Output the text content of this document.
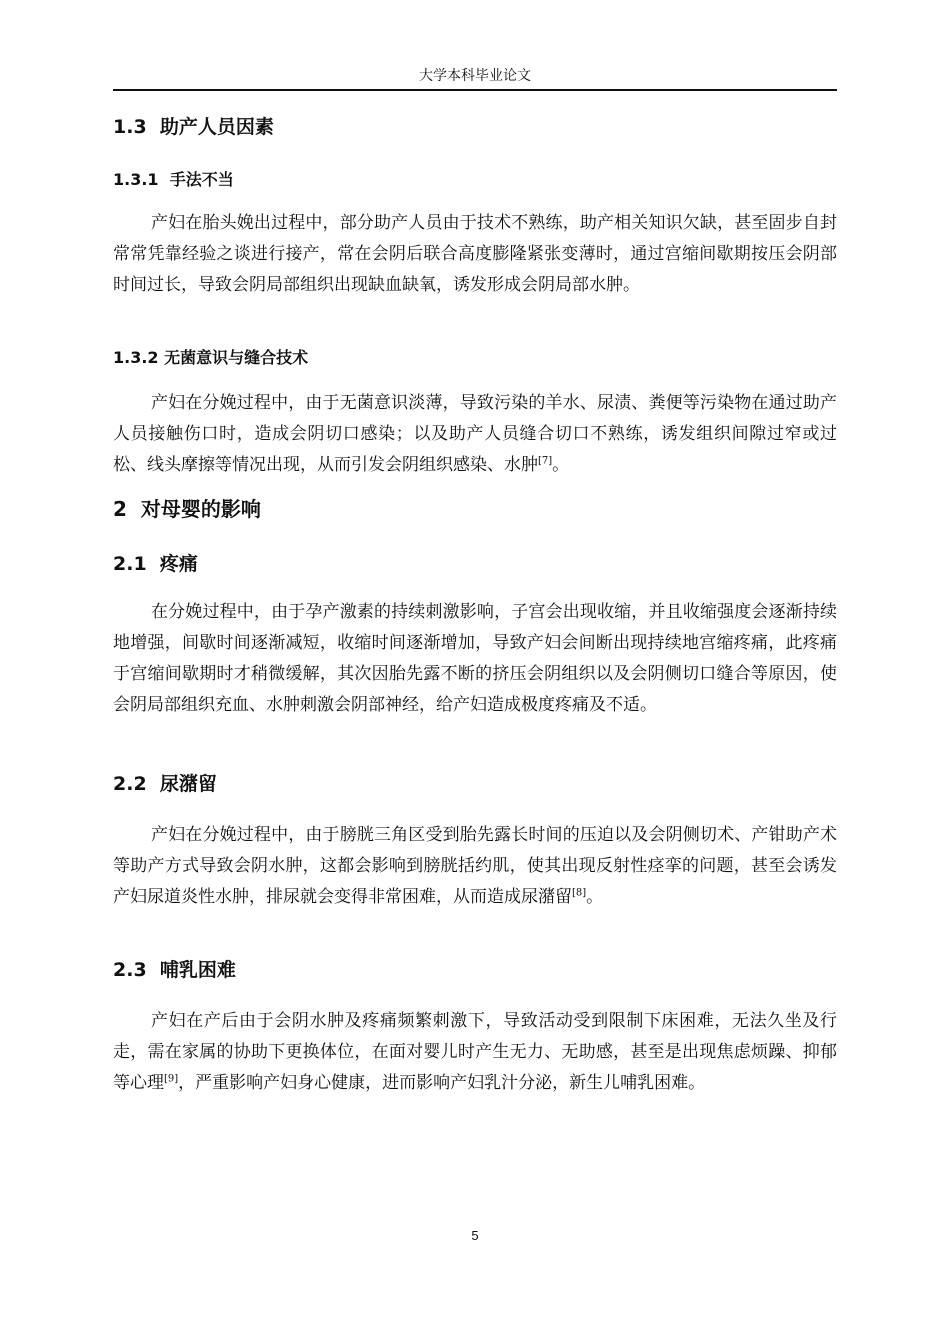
大学本科毕业论文
1.3 助产人员因素
1.3.1 手法不当

产妇在胎头娩出过程中，部分助产人员由于技术不熟练，助产相关知识欠缺，甚至固步自封常常凭靠经验之谈进行接产，常在会阴后联合高度膨隆紧张变薄时，通过宫缩间歇期按压会阴部时间过长，导致会阴局部组织出现缺血缺氧，诱发形成会阴局部水肿。

1.3.2 无菌意识与缝合技术

产妇在分娩过程中，由于无菌意识淡薄，导致污染的羊水、尿渍、粪便等污染物在通过助产人员接触伤口时，造成会阴切口感染；以及助产人员缝合切口不熟练，诱发组织间隙过窄或过松、线头摩擦等情况出现，从而引发会阴组织感染、水肿[7]。

2 对母婴的影响
2.1 疼痛

在分娩过程中，由于孕产激素的持续刺激影响，子宫会出现收缩，并且收缩强度会逐渐持续地增强，间歇时间逐渐减短，收缩时间逐渐增加，导致产妇会间断出现持续地宫缩疼痛，此疼痛于宫缩间歇期时才稍微缓解，其次因胎先露不断的挤压会阴组织以及会阴侧切口缝合等原因，使会阴局部组织充血、水肿刺激会阴部神经，给产妇造成极度疼痛及不适。

2.2 尿潴留

产妇在分娩过程中，由于膀胱三角区受到胎先露长时间的压迫以及会阴侧切术、产钳助产术等助产方式导致会阴水肿，这都会影响到膀胱括约肌，使其出现反射性痉挛的问题，甚至会诱发产妇尿道炎性水肿，排尿就会变得非常困难，从而造成尿潴留[8]。

2.3 哺乳困难

产妇在产后由于会阴水肿及疼痛频繁刺激下，导致活动受到限制下床困难，无法久坐及行走，需在家属的协助下更换体位，在面对婴儿时产生无力、无助感，甚至是出现焦虑烦躁、抑郁等心理[9]，严重影响产妇身心健康，进而影响产妇乳汁分泌，新生儿哺乳困难。

5
